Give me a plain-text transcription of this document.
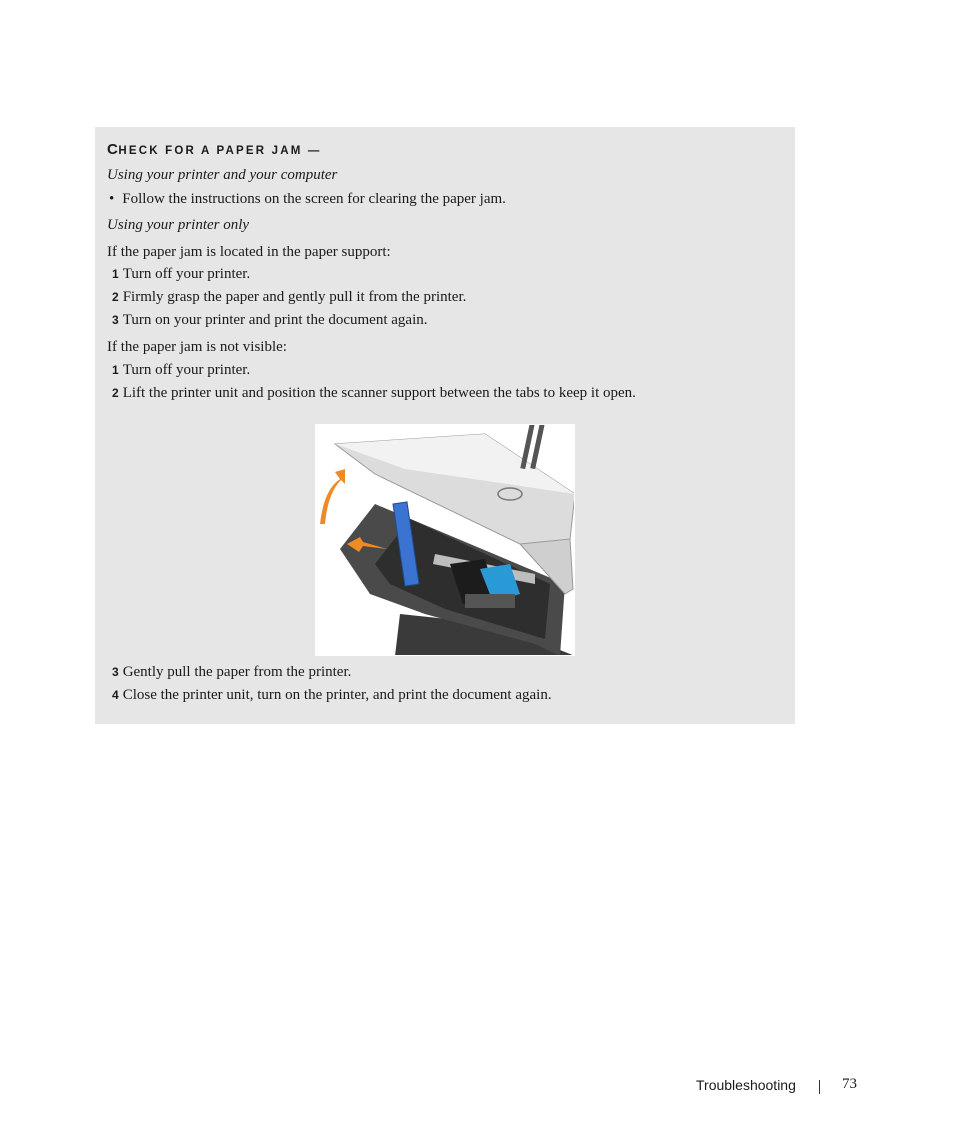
CHECK FOR A PAPER JAM —
Using your printer and your computer
• Follow the instructions on the screen for clearing the paper jam.
Using your printer only
If the paper jam is located in the paper support:
1 Turn off your printer.
2 Firmly grasp the paper and gently pull it from the printer.
3 Turn on your printer and print the document again.
If the paper jam is not visible:
1 Turn off your printer.
2 Lift the printer unit and position the scanner support between the tabs to keep it open.
3 Gently pull the paper from the printer.
4 Close the printer unit, turn on the printer, and print the document again.
Troubleshooting	73
